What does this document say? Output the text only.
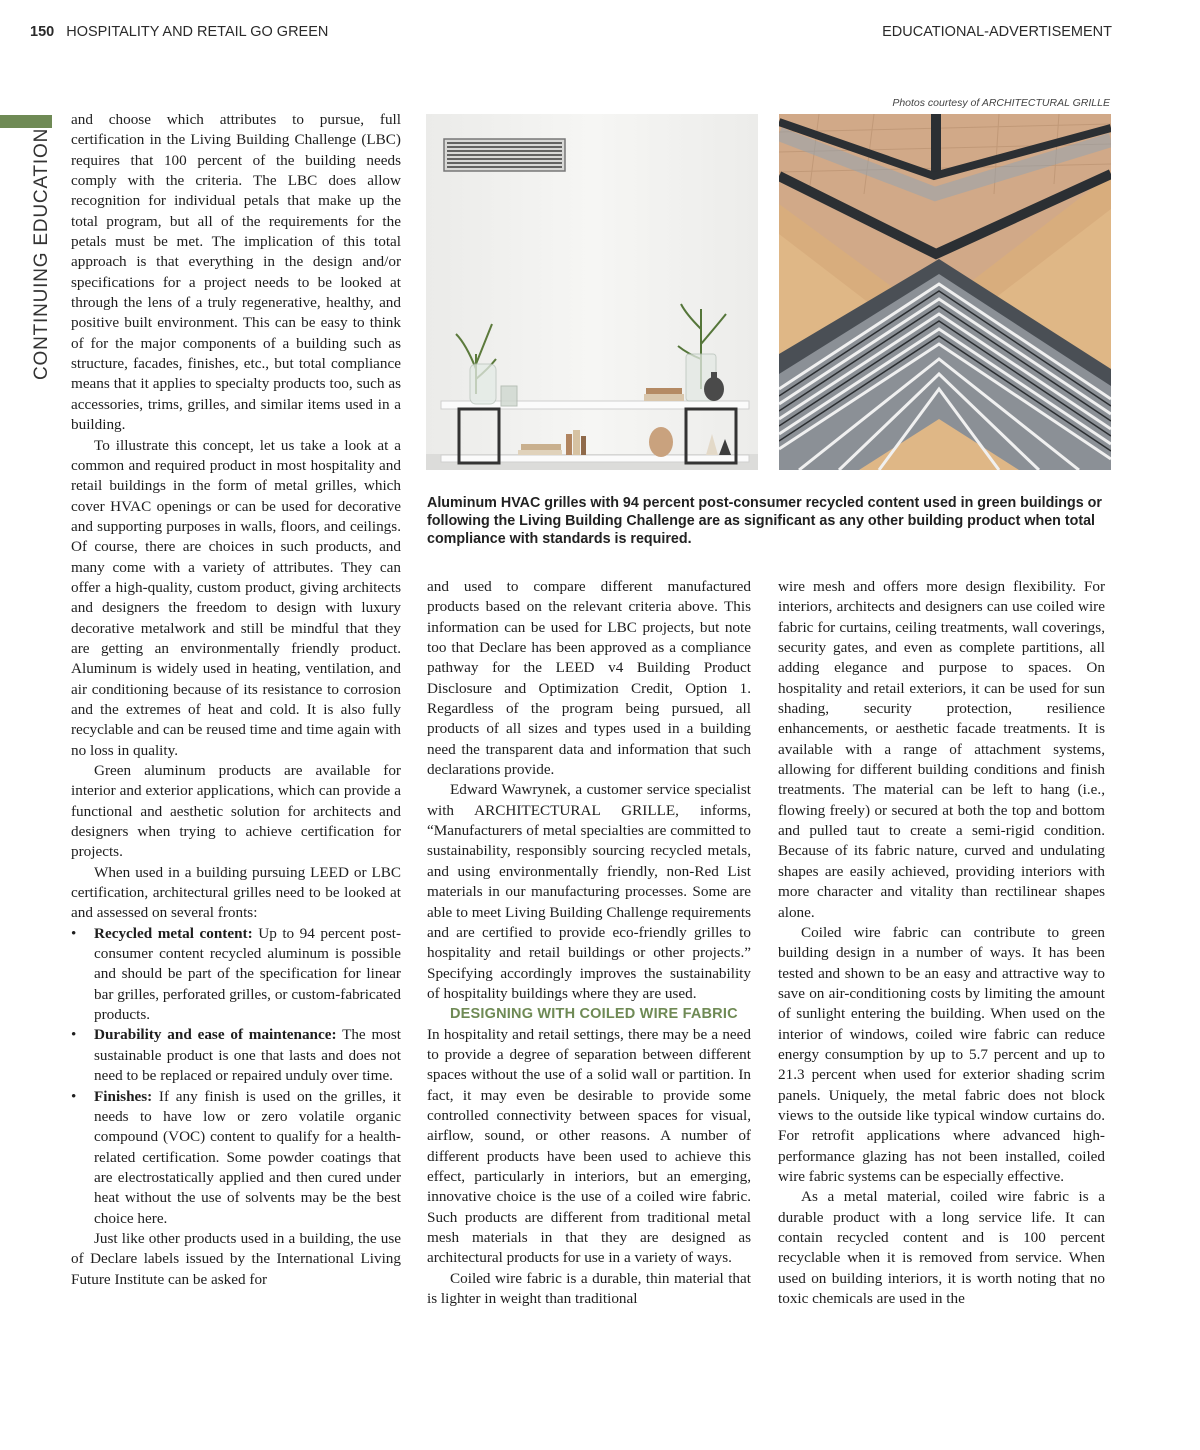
150 HOSPITALITY AND RETAIL GO GREEN	EDUCATIONAL-ADVERTISEMENT
CONTINUING EDUCATION

and choose which attributes to pursue, full certification in the Living Building Challenge (LBC) requires that 100 percent of the building needs comply with the criteria. The LBC does allow recognition for individual petals that make up the total program, but all of the requirements for the petals must be met. The implication of this total approach is that everything in the design and/or specifications for a project needs to be looked at through the lens of a truly regenerative, healthy, and positive built environment. This can be easy to think of for the major components of a building such as structure, facades, finishes, etc., but total compliance means that it applies to specialty products too, such as accessories, trims, grilles, and similar items used in a building.

To illustrate this concept, let us take a look at a common and required product in most hospitality and retail buildings in the form of metal grilles, which cover HVAC openings or can be used for decorative and supporting purposes in walls, floors, and ceilings. Of course, there are choices in such products, and many come with a variety of attributes. They can offer a high-quality, custom product, giving architects and designers the freedom to design with luxury decorative metalwork and still be mindful that they are getting an environmentally friendly product. Aluminum is widely used in heating, ventilation, and air conditioning because of its resistance to corrosion and the extremes of heat and cold. It is also fully recyclable and can be reused time and time again with no loss in quality.

Green aluminum products are available for interior and exterior applications, which can provide a functional and aesthetic solution for architects and designers when trying to achieve certification for projects.

When used in a building pursuing LEED or LBC certification, architectural grilles need to be looked at and assessed on several fronts:

• Recycled metal content: Up to 94 percent post-consumer content recycled aluminum is possible and should be part of the specification for linear bar grilles, perforated grilles, or custom-fabricated products.
• Durability and ease of maintenance: The most sustainable product is one that lasts and does not need to be replaced or repaired unduly over time.
• Finishes: If any finish is used on the grilles, it needs to have low or zero volatile organic compound (VOC) content to qualify for a health-related certification. Some powder coatings that are electrostatically applied and then cured under heat without the use of solvents may be the best choice here.

Just like other products used in a building, the use of Declare labels issued by the International Living Future Institute can be asked for

Photos courtesy of ARCHITECTURAL GRILLE
Aluminum HVAC grilles with 94 percent post-consumer recycled content used in green buildings or following the Living Building Challenge are as significant as any other building product when total compliance with standards is required.

and used to compare different manufactured products based on the relevant criteria above. This information can be used for LBC projects, but note too that Declare has been approved as a compliance pathway for the LEED v4 Building Product Disclosure and Optimization Credit, Option 1. Regardless of the program being pursued, all products of all sizes and types used in a building need the transparent data and information that such declarations provide.

Edward Wawrynek, a customer service specialist with ARCHITECTURAL GRILLE, informs, “Manufacturers of metal specialties are committed to sustainability, responsibly sourcing recycled metals, and using environmentally friendly, non-Red List materials in our manufacturing processes. Some are able to meet Living Building Challenge requirements and are certified to provide eco-friendly grilles to hospitality and retail buildings or other projects.” Specifying accordingly improves the sustainability of hospitality buildings where they are used.

DESIGNING WITH COILED WIRE FABRIC

In hospitality and retail settings, there may be a need to provide a degree of separation between different spaces without the use of a solid wall or partition. In fact, it may even be desirable to provide some controlled connectivity between spaces for visual, airflow, sound, or other reasons. A number of different products have been used to achieve this effect, particularly in interiors, but an emerging, innovative choice is the use of a coiled wire fabric. Such products are different from traditional metal mesh materials in that they are designed as architectural products for use in a variety of ways.

Coiled wire fabric is a durable, thin material that is lighter in weight than traditional

wire mesh and offers more design flexibility. For interiors, architects and designers can use coiled wire fabric for curtains, ceiling treatments, wall coverings, security gates, and even as complete partitions, all adding elegance and purpose to spaces. On hospitality and retail exteriors, it can be used for sun shading, security protection, resilience enhancements, or aesthetic facade treatments. It is available with a range of attachment systems, allowing for different building conditions and finish treatments. The material can be left to hang (i.e., flowing freely) or secured at both the top and bottom and pulled taut to create a semi-rigid condition. Because of its fabric nature, curved and undulating shapes are easily achieved, providing interiors with more character and vitality than rectilinear shapes alone.

Coiled wire fabric can contribute to green building design in a number of ways. It has been tested and shown to be an easy and attractive way to save on air-conditioning costs by limiting the amount of sunlight entering the building. When used on the interior of windows, coiled wire fabric can reduce energy consumption by up to 5.7 percent and up to 21.3 percent when used for exterior shading scrim panels. Uniquely, the metal fabric does not block views to the outside like typical window curtains do. For retrofit applications where advanced high-performance glazing has not been installed, coiled wire fabric systems can be especially effective.

As a metal material, coiled wire fabric is a durable product with a long service life. It can contain recycled content and is 100 percent recyclable when it is removed from service. When used on building interiors, it is worth noting that no toxic chemicals are used in the
